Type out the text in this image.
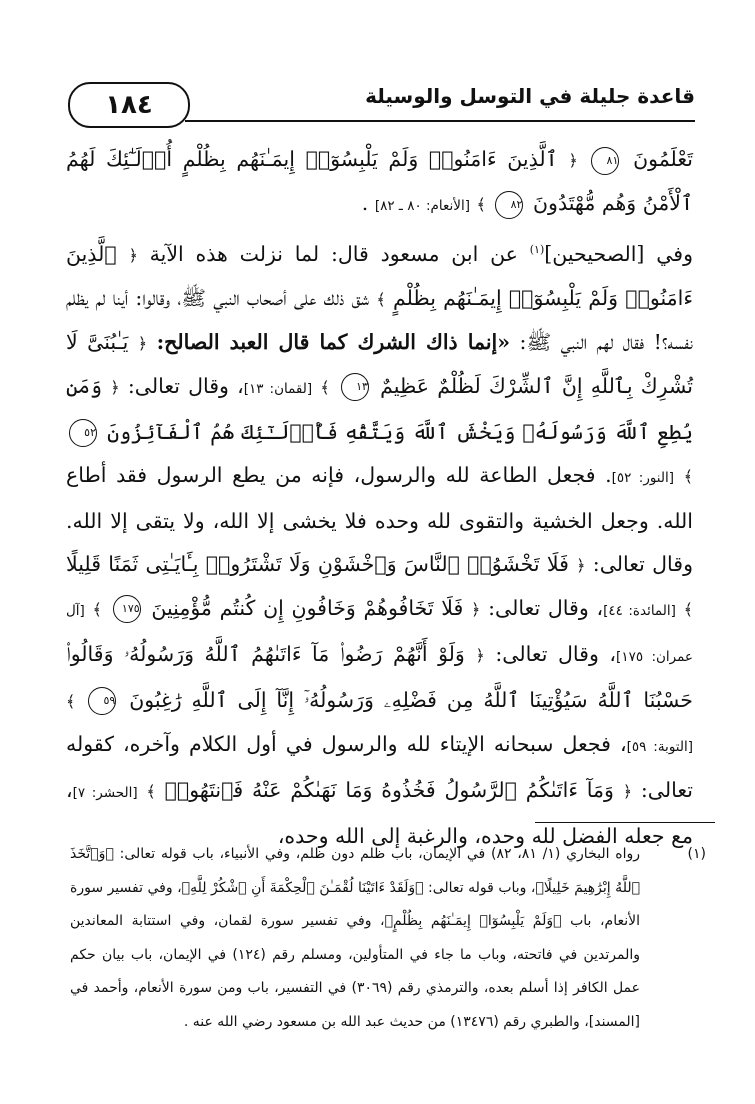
١٨٤	قاعدة جليلة في التوسل والوسيلة

تَعْلَمُونَ ٨١ ﴿ ٱلَّذِينَ ءَامَنُوا۟ وَلَمْ يَلْبِسُوٓا۟ إِيمَـٰنَهُم بِظُلْمٍ أُو۟لَـٰٓئِكَ لَهُمُ ٱلْأَمْنُ وَهُم مُّهْتَدُونَ ٨٢ ﴾ [الأنعام: ٨٠ ـ ٨٢] .

وفي [الصحيحين]$^{(١)}$ عن ابن مسعود قال: لما نزلت هذه الآية ﴿ ٱلَّذِينَ ءَامَنُوا۟ وَلَمْ يَلْبِسُوٓا۟ إِيمَـٰنَهُم بِظُلْمٍ ﴾ شق ذلك على أصحاب النبي ﷺ، وقالوا: أينا لم يظلم نفسه؟! فقال لهم النبي ﷺ: «إنما ذاك الشرك كما قال العبد الصالح: ﴿ يَـٰبُنَىَّ لَا تُشْرِكْ بِٱللَّهِ إِنَّ ٱلشِّرْكَ لَظُلْمٌ عَظِيمٌ ١٣ ﴾ [لقمان: ١٣]، وقال تعالى: ﴿ وَمَن يُطِعِ ٱللَّهَ وَرَسُولَهُۥ وَيَخْشَ ٱللَّهَ وَيَتَّقْهِ فَأُو۟لَـٰٓئِكَ هُمُ ٱلْفَآئِزُونَ ٥٢ ﴾ [النور: ٥٢]. فجعل الطاعة لله والرسول، فإنه من يطع الرسول فقد أطاع الله. وجعل الخشية والتقوى لله وحده فلا يخشى إلا الله، ولا يتقى إلا الله. وقال تعالى: ﴿ فَلَا تَخْشَوُا۟ ٱلنَّاسَ وَٱخْشَوْنِ وَلَا تَشْتَرُوا۟ بِـَٔايَـٰتِى ثَمَنًا قَلِيلًا ﴾ [المائدة: ٤٤]، وقال تعالى: ﴿ فَلَا تَخَافُوهُمْ وَخَافُونِ إِن كُنتُم مُّؤْمِنِينَ ١٧٥ ﴾ [آل عمران: ١٧٥]، وقال تعالى: ﴿ وَلَوْ أَنَّهُمْ رَضُوا۟ مَآ ءَاتَىٰهُمُ ٱللَّهُ وَرَسُولُهُۥ وَقَالُوا۟ حَسْبُنَا ٱللَّهُ سَيُؤْتِينَا ٱللَّهُ مِن فَضْلِهِۦ وَرَسُولُهُۥٓ إِنَّآ إِلَى ٱللَّهِ رَٰغِبُونَ ٥٩ ﴾ [التوبة: ٥٩]، فجعل سبحانه الإيتاء لله والرسول في أول الكلام وآخره، كقوله تعالى: ﴿ وَمَآ ءَاتَىٰكُمُ ٱلرَّسُولُ فَخُذُوهُ وَمَا نَهَىٰكُمْ عَنْهُ فَٱنتَهُوا۟ ﴾ [الحشر: ٧]، مع جعله الفضل لله وحده، والرغبة إلى الله وحده،

(١)
رواه البخاري (١/ ٨١، ٨٢) في الإيمان، باب ظلم دون ظلم، وفي الأنبياء، باب قوله تعالى: ﴿وَٱتَّخَذَ ٱللَّهُ إِبْرَٰهِيمَ خَلِيلًا﴾، وباب قوله تعالى: ﴿وَلَقَدْ ءَاتَيْنَا لُقْمَـٰنَ ٱلْحِكْمَةَ أَنِ ٱشْكُرْ لِلَّهِ﴾، وفي تفسير سورة الأنعام، باب ﴿وَلَمْ يَلْبِسُوٓا۟ إِيمَـٰنَهُم بِظُلْمٍ﴾، وفي تفسير سورة لقمان، وفي استتابة المعاندين والمرتدين في فاتحته، وباب ما جاء في المتأولين، ومسلم رقم (١٢٤) في الإيمان، باب بيان حكم عمل الكافر إذا أسلم بعده، والترمذي رقم (٣٠٦٩) في التفسير، باب ومن سورة الأنعام، وأحمد في [المسند]، والطبري رقم (١٣٤٧٦) من حديث عبد الله بن مسعود رضي الله عنه .
